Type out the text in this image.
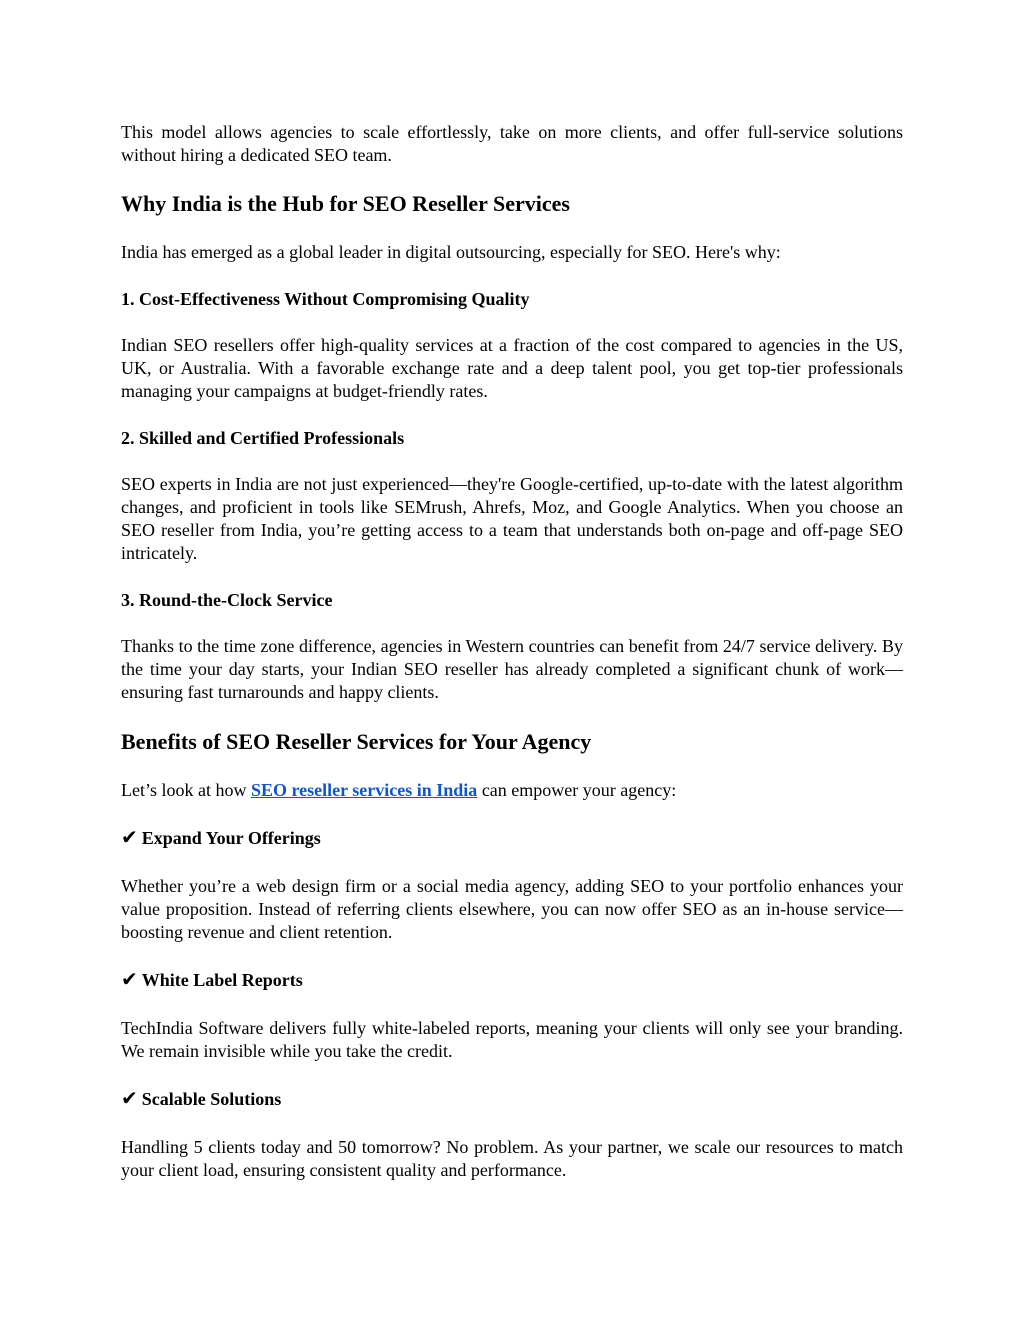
This model allows agencies to scale effortlessly, take on more clients, and offer full-service solutions without hiring a dedicated SEO team.

Why India is the Hub for SEO Reseller Services

India has emerged as a global leader in digital outsourcing, especially for SEO. Here's why:

1. Cost-Effectiveness Without Compromising Quality

Indian SEO resellers offer high-quality services at a fraction of the cost compared to agencies in the US, UK, or Australia. With a favorable exchange rate and a deep talent pool, you get top-tier professionals managing your campaigns at budget-friendly rates.

2. Skilled and Certified Professionals

SEO experts in India are not just experienced—they're Google-certified, up-to-date with the latest algorithm changes, and proficient in tools like SEMrush, Ahrefs, Moz, and Google Analytics. When you choose an SEO reseller from India, you’re getting access to a team that understands both on-page and off-page SEO intricately.

3. Round-the-Clock Service

Thanks to the time zone difference, agencies in Western countries can benefit from 24/7 service delivery. By the time your day starts, your Indian SEO reseller has already completed a significant chunk of work—ensuring fast turnarounds and happy clients.

Benefits of SEO Reseller Services for Your Agency

Let’s look at how SEO reseller services in India can empower your agency:

✔ Expand Your Offerings

Whether you’re a web design firm or a social media agency, adding SEO to your portfolio enhances your value proposition. Instead of referring clients elsewhere, you can now offer SEO as an in-house service—boosting revenue and client retention.

✔ White Label Reports

TechIndia Software delivers fully white-labeled reports, meaning your clients will only see your branding. We remain invisible while you take the credit.

✔ Scalable Solutions

Handling 5 clients today and 50 tomorrow? No problem. As your partner, we scale our resources to match your client load, ensuring consistent quality and performance.
